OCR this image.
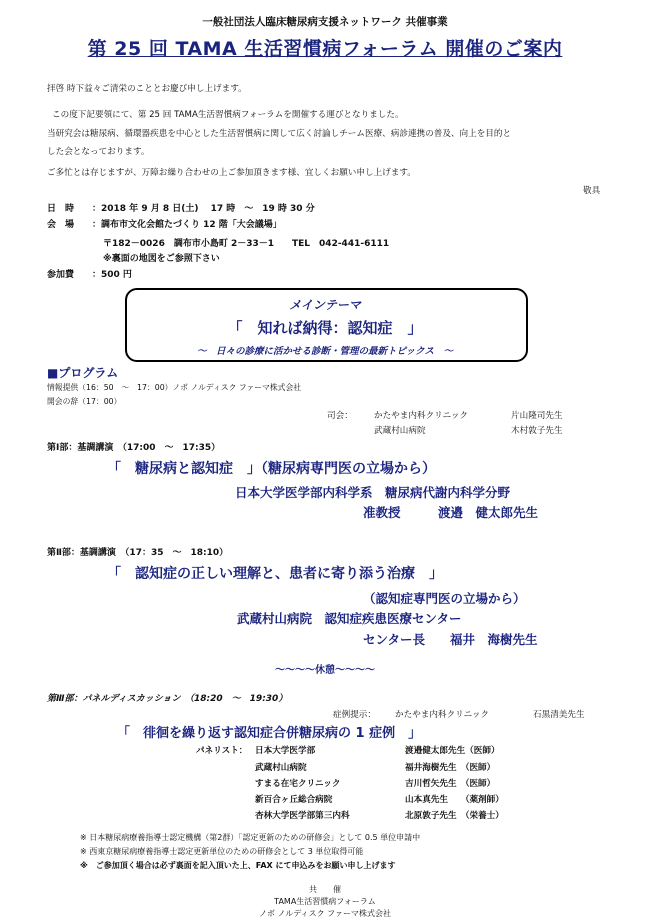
一般社団法人臨床糖尿病支援ネットワーク 共催事業
第 25 回 TAMA 生活習慣病フォーラム 開催のご案内
拝啓 時下益々ご清栄のこととお慶び申し上げます。
この度下記要領にて、第 25 回 TAMA生活習慣病フォーラムを開催する運びとなりました。
当研究会は糖尿病、循環器疾患を中心とした生活習慣病に関して広く討論しチーム医療、病診連携の普及、向上を目的と
した会となっております。
ご多忙とは存じますが、万障お繰り合わせの上ご参加頂きます様、宜しくお願い申し上げます。
敬具
日　時 ：2018 年 9 月 8 日(土)　 17 時　～　19 時 30 分
会　場 ：調布市文化会館たづくり 12 階「大会議場」
〒182－0026　調布市小島町 2－33－1　　TEL　042-441-6111
※裏面の地図をご参照下さい
参加費 ：500 円
メインテーマ
「　知れば納得：認知症　」
～　日々の診療に活かせる診断・管理の最新トピックス　～
■プログラム
情報提供（16：50　～　17：00）ノボ ノルディスク ファーマ株式会社
開会の辞（17：00）
司会： かたやま内科クリニック	片山隆司先生
武蔵村山病院	木村敦子先生
第Ⅰ部：基調講演　（17:00　～　17:35）
「　糖尿病と認知症　」（糖尿病専門医の立場から）
日本大学医学部内科学系　糖尿病代謝内科学分野
准教授　　　渡邉　健太郎先生
第Ⅱ部：基調講演　（17：35　～　18:10）
「　認知症の正しい理解と、患者に寄り添う治療　」
（認知症専門医の立場から）
武蔵村山病院　認知症疾患医療センター
センター長　　福井　海樹先生
～～～～休憩～～～～
第Ⅲ部：パネルディスカッション　（18:20　～　19:30）
症例提示： かたやま内科クリニック	石黒清美先生
「　徘徊を繰り返す認知症合併糖尿病の 1 症例　」
パネリスト： 日本大学医学部	渡邉健太郎先生（医師）
武蔵村山病院	福井海樹先生　（医師）
すまる在宅クリニック	吉川哲矢先生　（医師）
新百合ヶ丘総合病院	山本真先生　　（薬剤師）
杏林大学医学部第三内科	北原敦子先生　（栄養士）
※ 日本糖尿病療養指導士認定機構（第2群）「認定更新のための研修会」として 0.5 単位申請中
※ 西東京糖尿病療養指導士認定更新単位のための研修会として 3 単位取得可能
※　ご参加頂く場合は必ず裏面を記入頂いた上、FAX にて申込みをお願い申し上げます
共　　催
TAMA生活習慣病フォーラム
ノボ ノルディスク ファーマ株式会社
